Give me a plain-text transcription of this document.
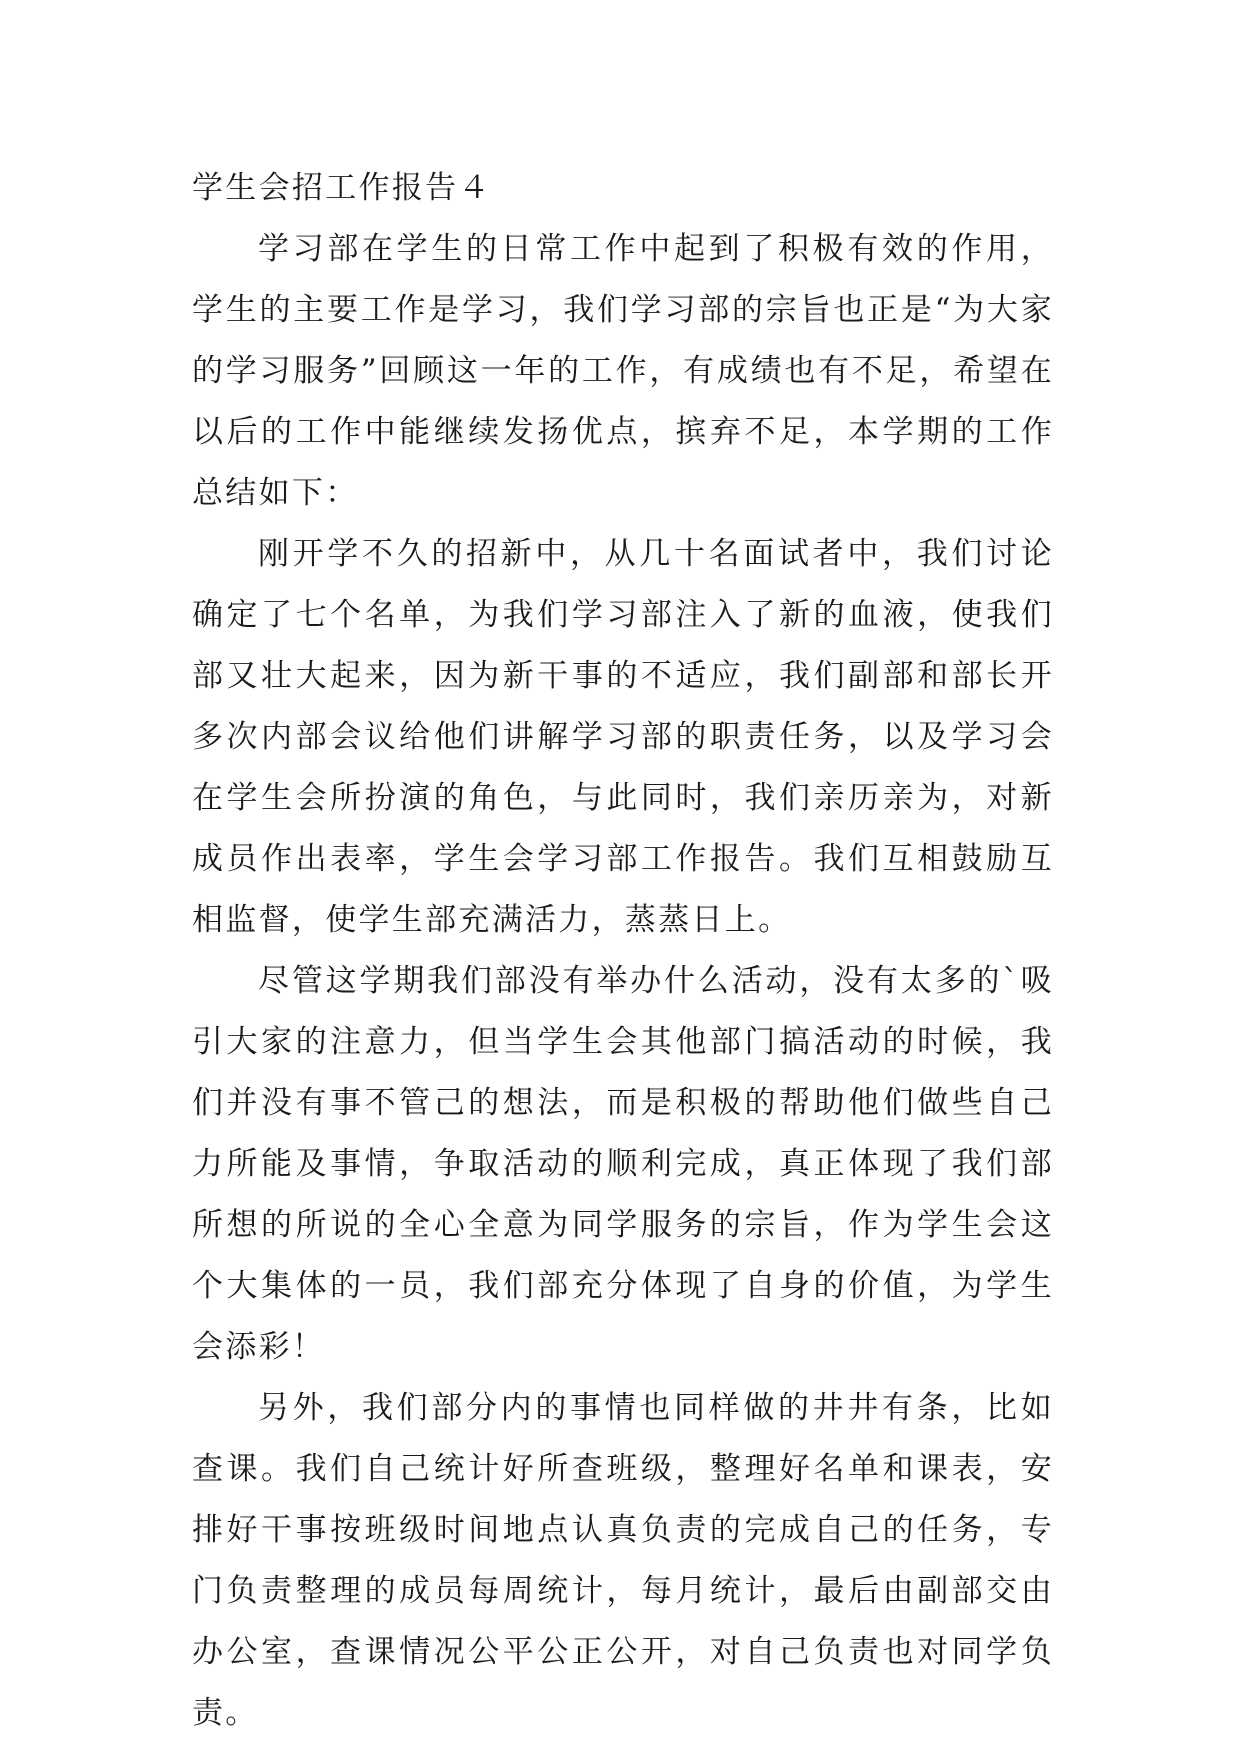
学生会招工作报告４

学习部在学生的日常工作中起到了积极有效的作用，学生的主要工作是学习，我们学习部的宗旨也正是“为大家的学习服务”回顾这一年的工作，有成绩也有不足，希望在以后的工作中能继续发扬优点，摈弃不足，本学期的工作总结如下：

刚开学不久的招新中，从几十名面试者中，我们讨论确定了七个名单，为我们学习部注入了新的血液，使我们部又壮大起来，因为新干事的不适应，我们副部和部长开多次内部会议给他们讲解学习部的职责任务，以及学习会在学生会所扮演的角色，与此同时，我们亲历亲为，对新成员作出表率，学生会学习部工作报告。我们互相鼓励互相监督，使学生部充满活力，蒸蒸日上。

尽管这学期我们部没有举办什么活动，没有太多的`吸引大家的注意力，但当学生会其他部门搞活动的时候，我们并没有事不管己的想法，而是积极的帮助他们做些自己力所能及事情，争取活动的顺利完成，真正体现了我们部所想的所说的全心全意为同学服务的宗旨，作为学生会这个大集体的一员，我们部充分体现了自身的价值，为学生会添彩！

另外，我们部分内的事情也同样做的井井有条，比如查课。我们自己统计好所查班级，整理好名单和课表，安排好干事按班级时间地点认真负责的完成自己的任务，专门负责整理的成员每周统计，每月统计，最后由副部交由办公室，查课情况公平公正公开，对自己负责也对同学负责。
